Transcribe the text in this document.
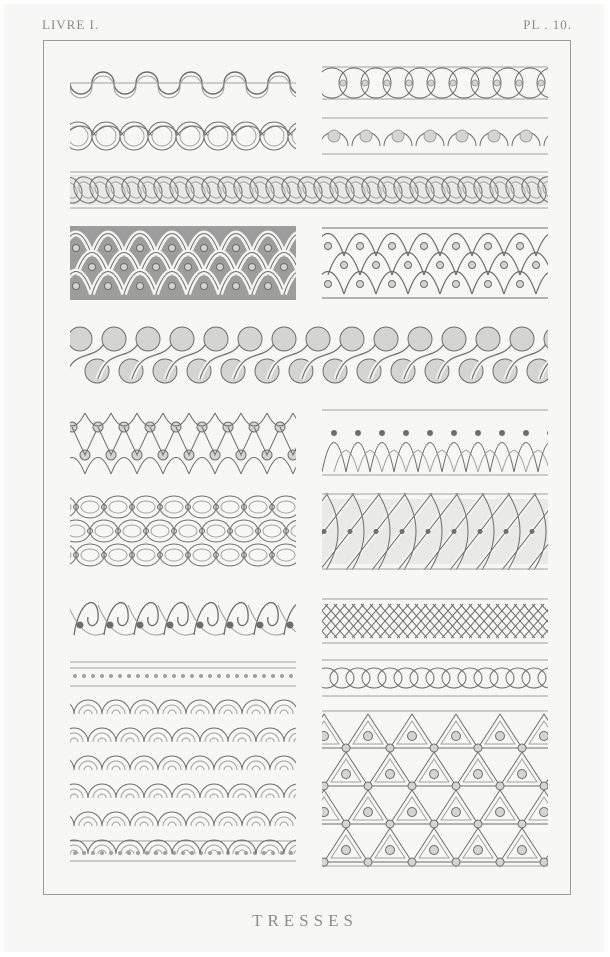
LIVRE I.	PL . 10.
TRESSES
